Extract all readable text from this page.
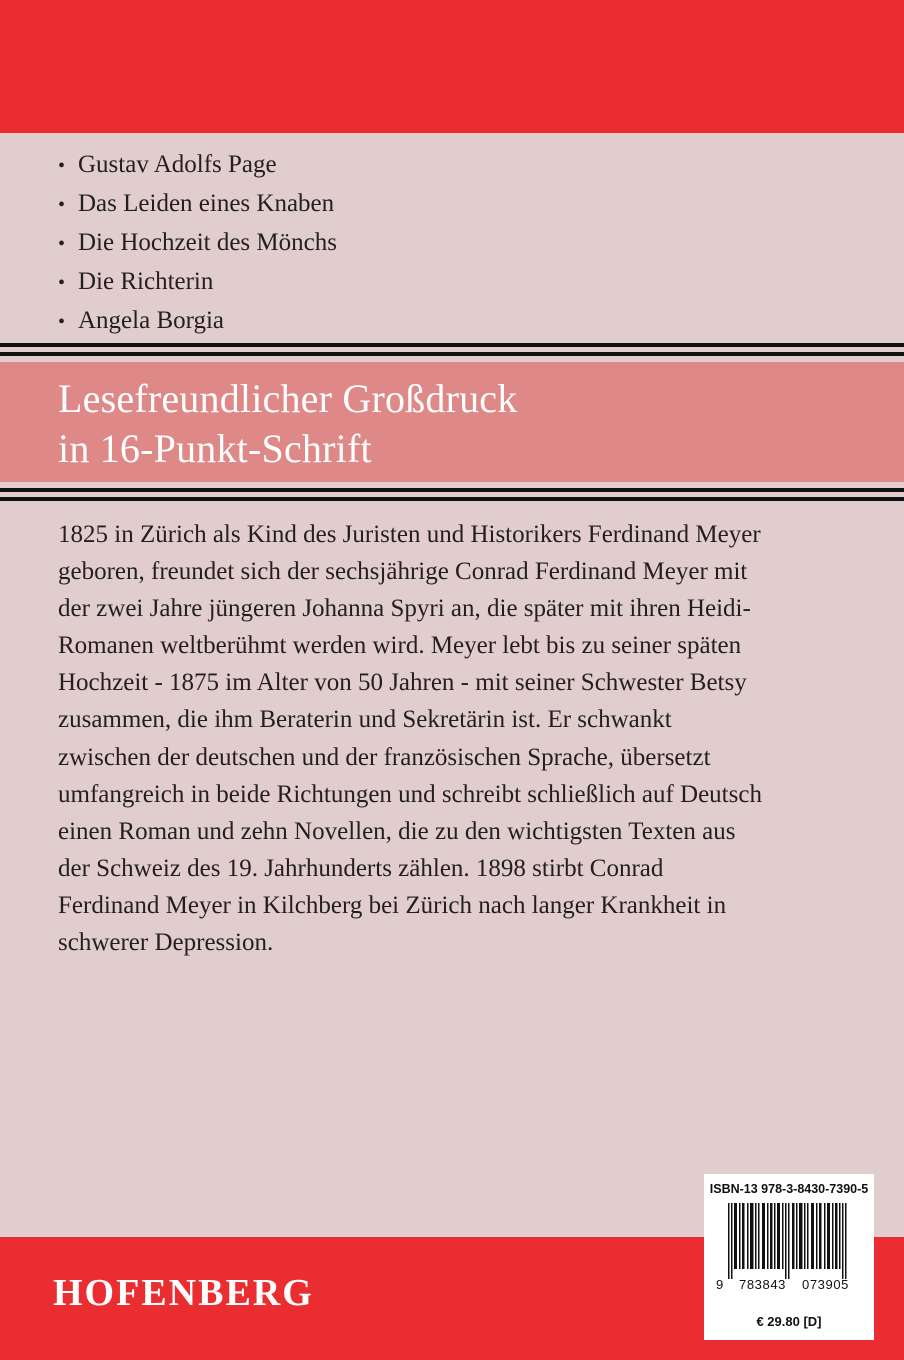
• Gustav Adolfs Page
• Das Leiden eines Knaben
• Die Hochzeit des Mönchs
• Die Richterin
• Angela Borgia
Lesefreundlicher Großdruck
in 16-Punkt-Schrift
1825 in Zürich als Kind des Juristen und Historikers Ferdinand Meyer
geboren, freundet sich der sechsjährige Conrad Ferdinand Meyer mit
der zwei Jahre jüngeren Johanna Spyri an, die später mit ihren Heidi-
Romanen weltberühmt werden wird. Meyer lebt bis zu seiner späten
Hochzeit - 1875 im Alter von 50 Jahren - mit seiner Schwester Betsy
zusammen, die ihm Beraterin und Sekretärin ist. Er schwankt
zwischen der deutschen und der französischen Sprache, übersetzt
umfangreich in beide Richtungen und schreibt schließlich auf Deutsch
einen Roman und zehn Novellen, die zu den wichtigsten Texten aus
der Schweiz des 19. Jahrhunderts zählen. 1898 stirbt Conrad
Ferdinand Meyer in Kilchberg bei Zürich nach langer Krankheit in
schwerer Depression.
HOFENBERG
ISBN-13 978-3-8430-7390-5
9 783843 073905
€ 29.80 [D]
